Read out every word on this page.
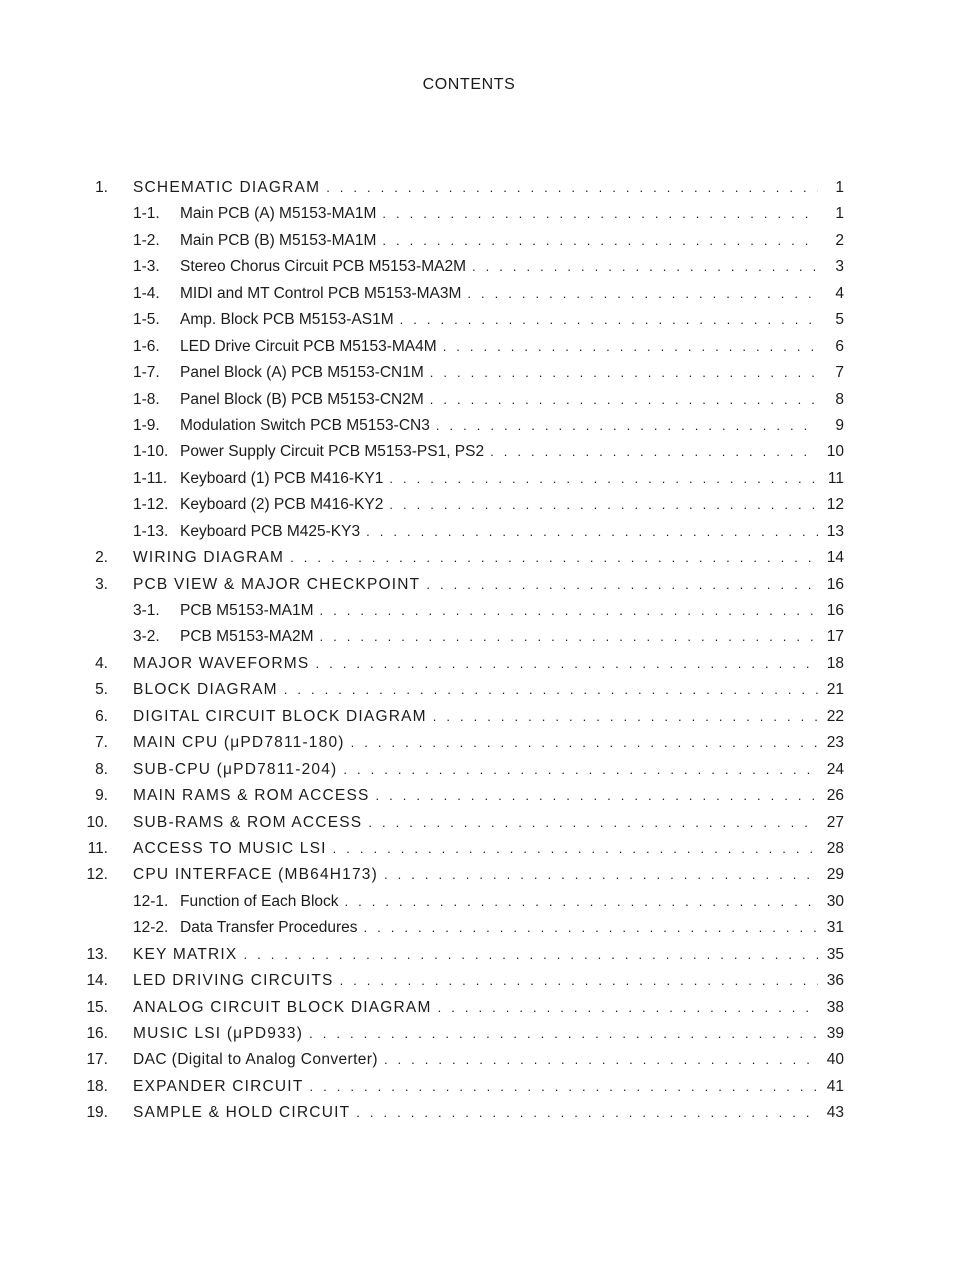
CONTENTS
1. SCHEMATIC DIAGRAM . . .	1
1-1.	Main PCB (A) M5153-MA1M . . .	1
1-2.	Main PCB (B) M5153-MA1M . . .	2
1-3.	Stereo Chorus Circuit PCB M5153-MA2M . . .	3
1-4.	MIDI and MT Control PCB M5153-MA3M . . .	4
1-5.	Amp. Block PCB M5153-AS1M . . .	5
1-6.	LED Drive Circuit PCB M5153-MA4M . . .	6
1-7.	Panel Block (A) PCB M5153-CN1M . . .	7
1-8.	Panel Block (B) PCB M5153-CN2M . . .	8
1-9.	Modulation Switch PCB M5153-CN3 . . .	9
1-10. Power Supply Circuit PCB M5153-PS1, PS2 . . .	10
1-11. Keyboard (1) PCB M416-KY1 . . .	11
1-12. Keyboard (2) PCB M416-KY2 . . .	12
1-13. Keyboard PCB M425-KY3 . . .	13
2. WIRING DIAGRAM . . .	14
3. PCB VIEW & MAJOR CHECKPOINT . . .	16
3-1.	PCB M5153-MA1M . . .	16
3-2.	PCB M5153-MA2M . . .	17
4. MAJOR WAVEFORMS . . .	18
5. BLOCK DIAGRAM . . .	21
6. DIGITAL CIRCUIT BLOCK DIAGRAM . . .	22
7. MAIN CPU (μPD7811-180) . . .	23
8. SUB-CPU (μPD7811-204) . . .	24
9. MAIN RAMS & ROM ACCESS . . .	26
10. SUB-RAMS & ROM ACCESS . . .	27
11. ACCESS TO MUSIC LSI . . .	28
12. CPU INTERFACE (MB64H173) . . .	29
12-1. Function of Each Block . . .	30
12-2. Data Transfer Procedures . . .	31
13. KEY MATRIX . . .	35
14. LED DRIVING CIRCUITS . . .	36
15. ANALOG CIRCUIT BLOCK DIAGRAM . . .	38
16. MUSIC LSI (μPD933) . . .	39
17. DAC (Digital to Analog Converter) . . .	40
18. EXPANDER CIRCUIT . . .	41
19. SAMPLE & HOLD CIRCUIT . . .	43
